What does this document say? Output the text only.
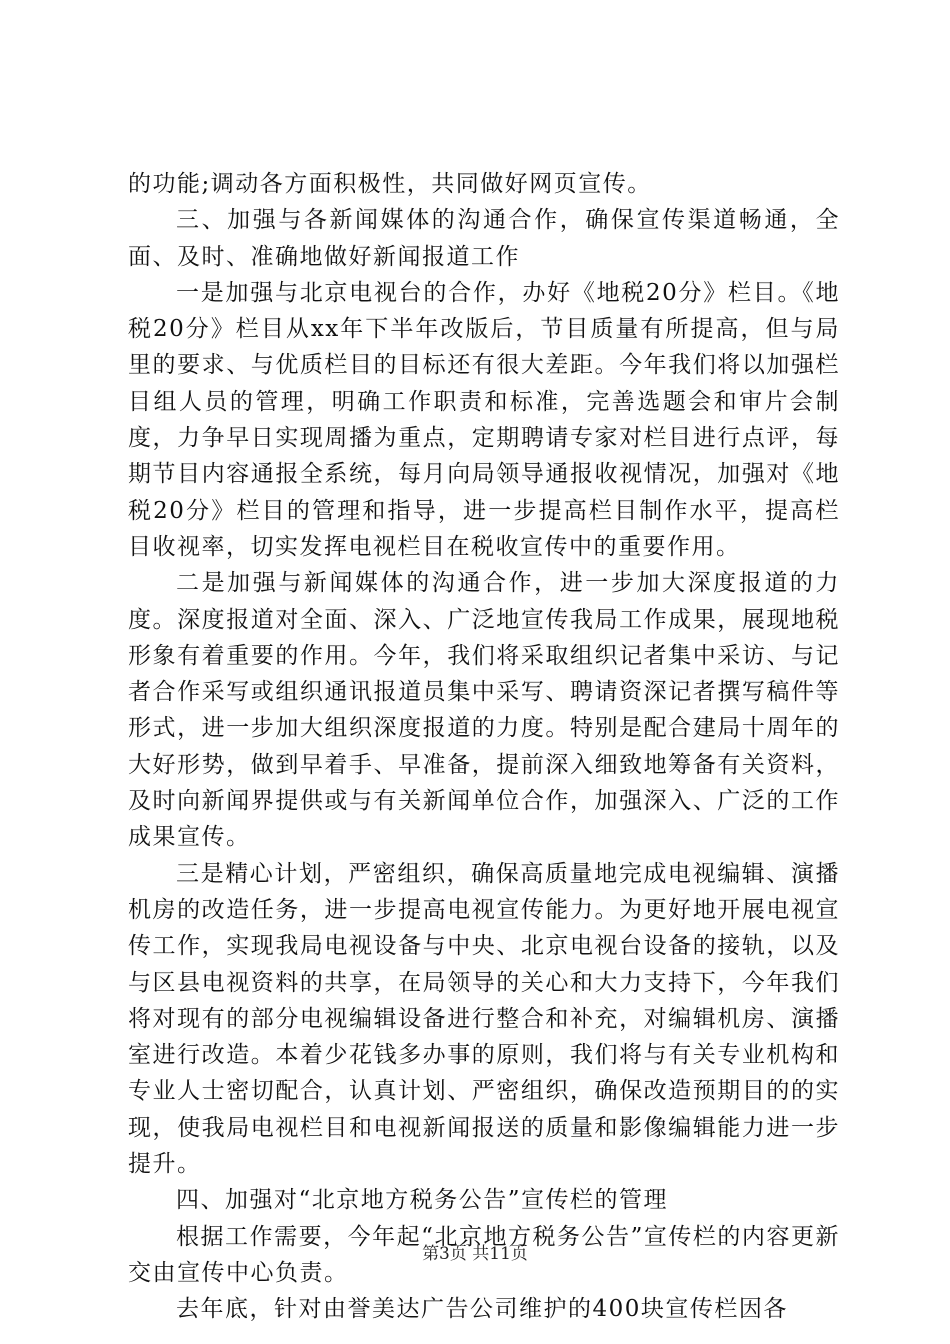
的功能;调动各方面积极性，共同做好网页宣传。

三、加强与各新闻媒体的沟通合作，确保宣传渠道畅通，全面、及时、准确地做好新闻报道工作

一是加强与北京电视台的合作，办好《地税20分》栏目。《地税20分》栏目从xx年下半年改版后，节目质量有所提高，但与局里的要求、与优质栏目的目标还有很大差距。今年我们将以加强栏目组人员的管理，明确工作职责和标准，完善选题会和审片会制度，力争早日实现周播为重点，定期聘请专家对栏目进行点评，每期节目内容通报全系统，每月向局领导通报收视情况，加强对《地税20分》栏目的管理和指导，进一步提高栏目制作水平，提高栏目收视率，切实发挥电视栏目在税收宣传中的重要作用。

二是加强与新闻媒体的沟通合作，进一步加大深度报道的力度。深度报道对全面、深入、广泛地宣传我局工作成果，展现地税形象有着重要的作用。今年，我们将采取组织记者集中采访、与记者合作采写或组织通讯报道员集中采写、聘请资深记者撰写稿件等形式，进一步加大组织深度报道的力度。特别是配合建局十周年的大好形势，做到早着手、早准备，提前深入细致地筹备有关资料，及时向新闻界提供或与有关新闻单位合作，加强深入、广泛的工作成果宣传。

三是精心计划，严密组织，确保高质量地完成电视编辑、演播机房的改造任务，进一步提高电视宣传能力。为更好地开展电视宣传工作，实现我局电视设备与中央、北京电视台设备的接轨，以及与区县电视资料的共享，在局领导的关心和大力支持下，今年我们将对现有的部分电视编辑设备进行整合和补充，对编辑机房、演播室进行改造。本着少花钱多办事的原则，我们将与有关专业机构和专业人士密切配合，认真计划、严密组织，确保改造预期目的的实现，使我局电视栏目和电视新闻报送的质量和影像编辑能力进一步提升。

四、加强对“北京地方税务公告”宣传栏的管理

根据工作需要，今年起“北京地方税务公告”宣传栏的内容更新交由宣传中心负责。

去年底，针对由誉美达广告公司维护的400块宣传栏因各

第3页 共11页
